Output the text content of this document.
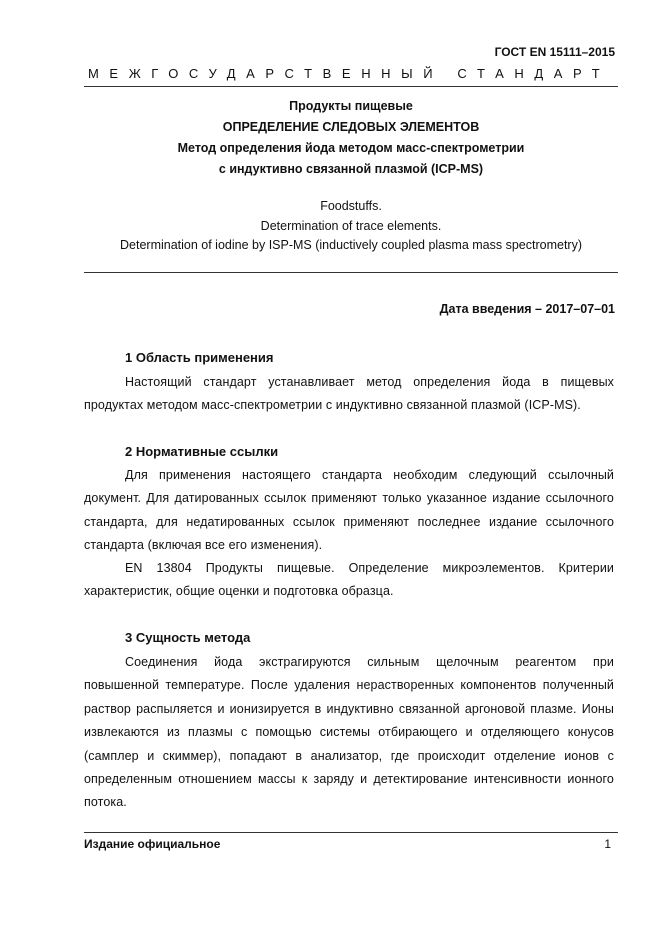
ГОСТ EN 15111–2015
МЕЖГОСУДАРСТВЕННЫЙ СТАНДАРТ
Продукты пищевые
ОПРЕДЕЛЕНИЕ СЛЕДОВЫХ ЭЛЕМЕНТОВ
Метод определения йода методом масс-спектрометрии
с индуктивно связанной плазмой (ICP-MS)
Foodstuffs.
Determination of trace elements.
Determination of iodine by ISP-MS (inductively coupled plasma mass spectrometry)
Дата введения – 2017–07–01
1 Область применения
Настоящий стандарт устанавливает метод определения йода в пищевых продуктах методом масс-спектрометрии с индуктивно связанной плазмой (ICP-MS).
2 Нормативные ссылки
Для применения настоящего стандарта необходим следующий ссылочный документ. Для датированных ссылок применяют только указанное издание ссылочного стандарта, для недатированных ссылок применяют последнее издание ссылочного стандарта (включая все его изменения).
EN 13804 Продукты пищевые. Определение микроэлементов. Критерии характеристик, общие оценки и подготовка образца.
3 Сущность метода
Соединения йода экстрагируются сильным щелочным реагентом при повышенной температуре. После удаления нерастворенных компонентов полученный раствор распыляется и ионизируется в индуктивно связанной аргоновой плазме. Ионы извлекаются из плазмы с помощью системы отбирающего и отделяющего конусов (самплер и скиммер), попадают в анализатор, где происходит отделение ионов с определенным отношением массы к заряду и детектирование интенсивности ионного потока.
Издание официальное	1
